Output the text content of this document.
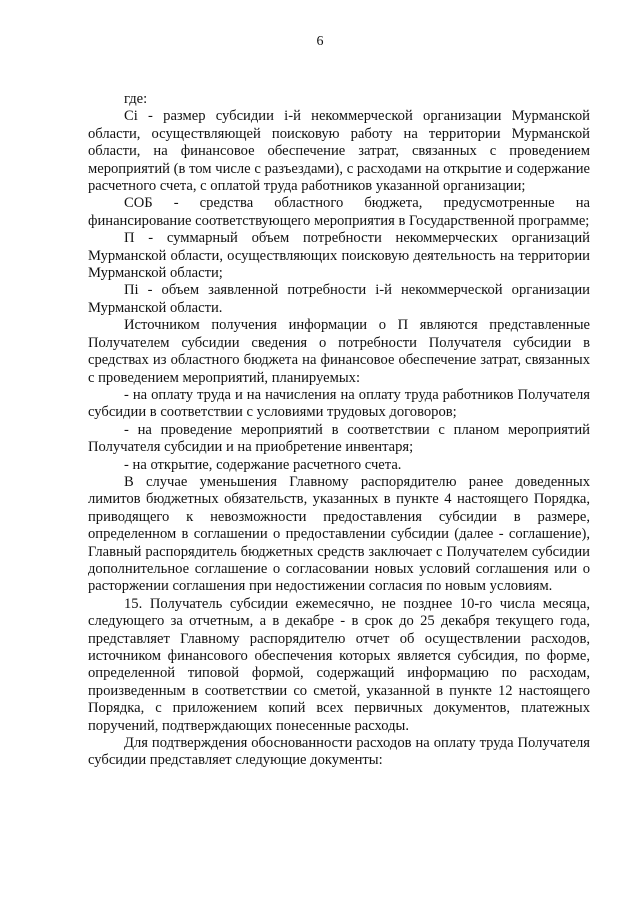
6

где:

Сi - размер субсидии i-й некоммерческой организации Мурманской области, осуществляющей поисковую работу на территории Мурманской области, на финансовое обеспечение затрат, связанных с проведением мероприятий (в том числе с разъездами), с расходами на открытие и содержание расчетного счета, с оплатой труда работников указанной организации;

СОБ - средства областного бюджета, предусмотренные на финансирование соответствующего мероприятия в Государственной программе;

П - суммарный объем потребности некоммерческих организаций Мурманской области, осуществляющих поисковую деятельность на территории Мурманской области;

Пi - объем заявленной потребности i-й некоммерческой организации Мурманской области.

Источником получения информации о П являются представленные Получателем субсидии сведения о потребности Получателя субсидии в средствах из областного бюджета на финансовое обеспечение затрат, связанных с проведением мероприятий, планируемых:

- на оплату труда и на начисления на оплату труда работников Получателя субсидии в соответствии с условиями трудовых договоров;

- на проведение мероприятий в соответствии с планом мероприятий Получателя субсидии и на приобретение инвентаря;

- на открытие, содержание расчетного счета.

В случае уменьшения Главному распорядителю ранее доведенных лимитов бюджетных обязательств, указанных в пункте 4 настоящего Порядка, приводящего к невозможности предоставления субсидии в размере, определенном в соглашении о предоставлении субсидии (далее - соглашение), Главный распорядитель бюджетных средств заключает с Получателем субсидии дополнительное соглашение о согласовании новых условий соглашения или о расторжении соглашения при недостижении согласия по новым условиям.

15. Получатель субсидии ежемесячно, не позднее 10-го числа месяца, следующего за отчетным, а в декабре - в срок до 25 декабря текущего года, представляет Главному распорядителю отчет об осуществлении расходов, источником финансового обеспечения которых является субсидия, по форме, определенной типовой формой, содержащий информацию по расходам, произведенным в соответствии со сметой, указанной в пункте 12 настоящего Порядка, с приложением копий всех первичных документов, платежных поручений, подтверждающих понесенные расходы.

Для подтверждения обоснованности расходов на оплату труда Получателя субсидии представляет следующие документы:
